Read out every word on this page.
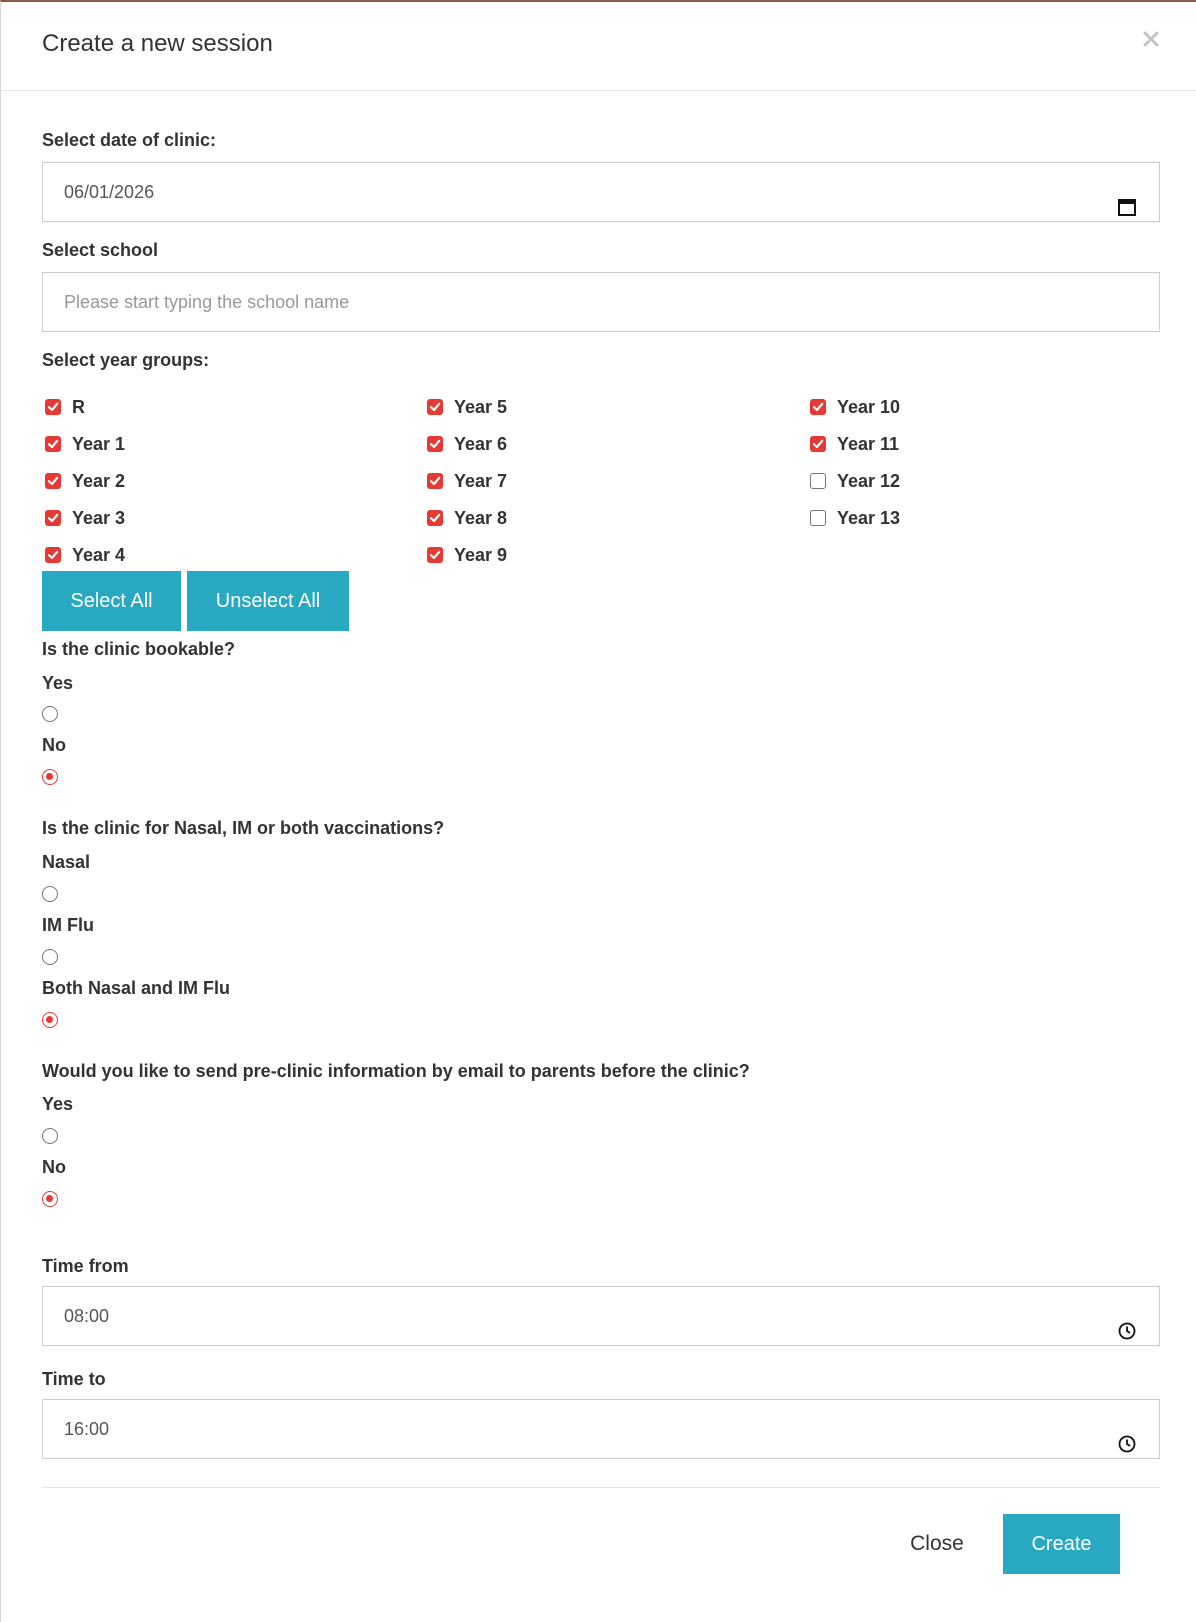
Create a new session
Select date of clinic:
06/01/2026
Select school
Please start typing the school name
Select year groups:
R
Year 1
Year 2
Year 3
Year 4
Year 5
Year 6
Year 7
Year 8
Year 9
Year 10
Year 11
Year 12
Year 13
Select All	Unselect All
Is the clinic bookable?
Yes
No
Is the clinic for Nasal, IM or both vaccinations?
Nasal
IM Flu
Both Nasal and IM Flu
Would you like to send pre-clinic information by email to parents before the clinic?
Yes
No
Time from
08:00
Time to
16:00
Close	Create
